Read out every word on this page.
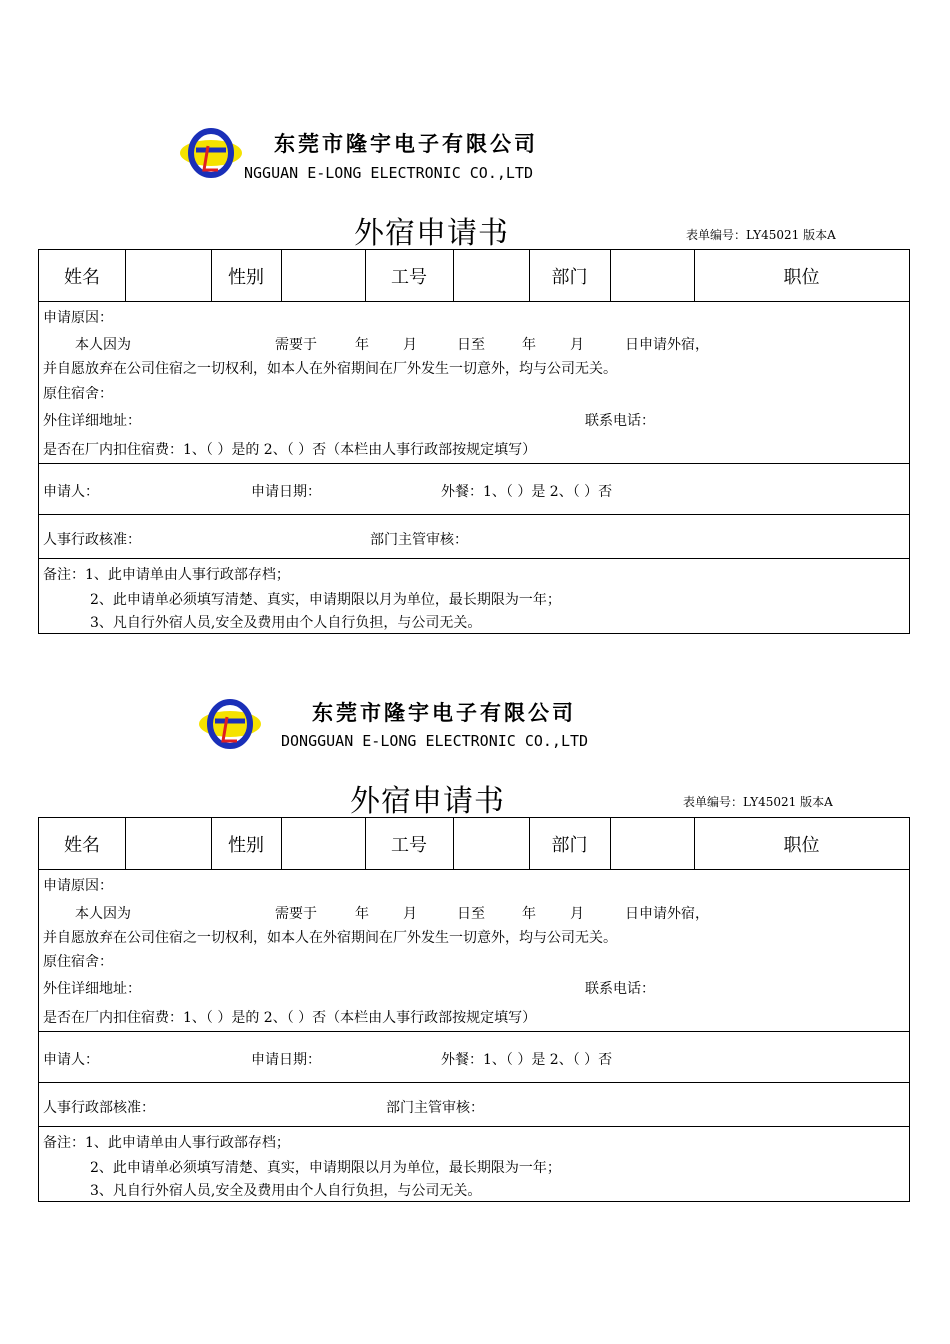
东莞市隆宇电子有限公司
NGGUAN E-LONG ELECTRONIC CO.,LTD
外宿申请书	表单编号：LY45021 版本A
姓名	性别	工号	部门	职位
申请原因：
本人因为	需要于	年 月	日至	年 月	日申请外宿，
并自愿放弃在公司住宿之一切权利，如本人在外宿期间在厂外发生一切意外，均与公司无关。
原住宿舍：
外住详细地址：	联系电话：
是否在厂内扣住宿费：1、（ ）是的 2、（ ）否（本栏由人事行政部按规定填写）
申请人：	申请日期：	外餐：1、（ ）是 2、（ ）否
人事行政核准：	部门主管审核：
备注：1、此申请单由人事行政部存档；
2、此申请单必须填写清楚、真实，申请期限以月为单位，最长期限为一年；
3、凡自行外宿人员,安全及费用由个人自行负担，与公司无关。
东莞市隆宇电子有限公司
DONGGUAN E-LONG ELECTRONIC CO.,LTD
外宿申请书	表单编号：LY45021 版本A
姓名	性别	工号	部门	职位
申请原因：
本人因为	需要于	年 月	日至	年 月	日申请外宿，
并自愿放弃在公司住宿之一切权利，如本人在外宿期间在厂外发生一切意外，均与公司无关。
原住宿舍：
外住详细地址：	联系电话：
是否在厂内扣住宿费：1、（ ）是的 2、（ ）否（本栏由人事行政部按规定填写）
申请人：	申请日期：	外餐：1、（ ）是 2、（ ）否
人事行政部核准：	部门主管审核：
备注：1、此申请单由人事行政部存档；
2、此申请单必须填写清楚、真实，申请期限以月为单位，最长期限为一年；
3、凡自行外宿人员,安全及费用由个人自行负担，与公司无关。
